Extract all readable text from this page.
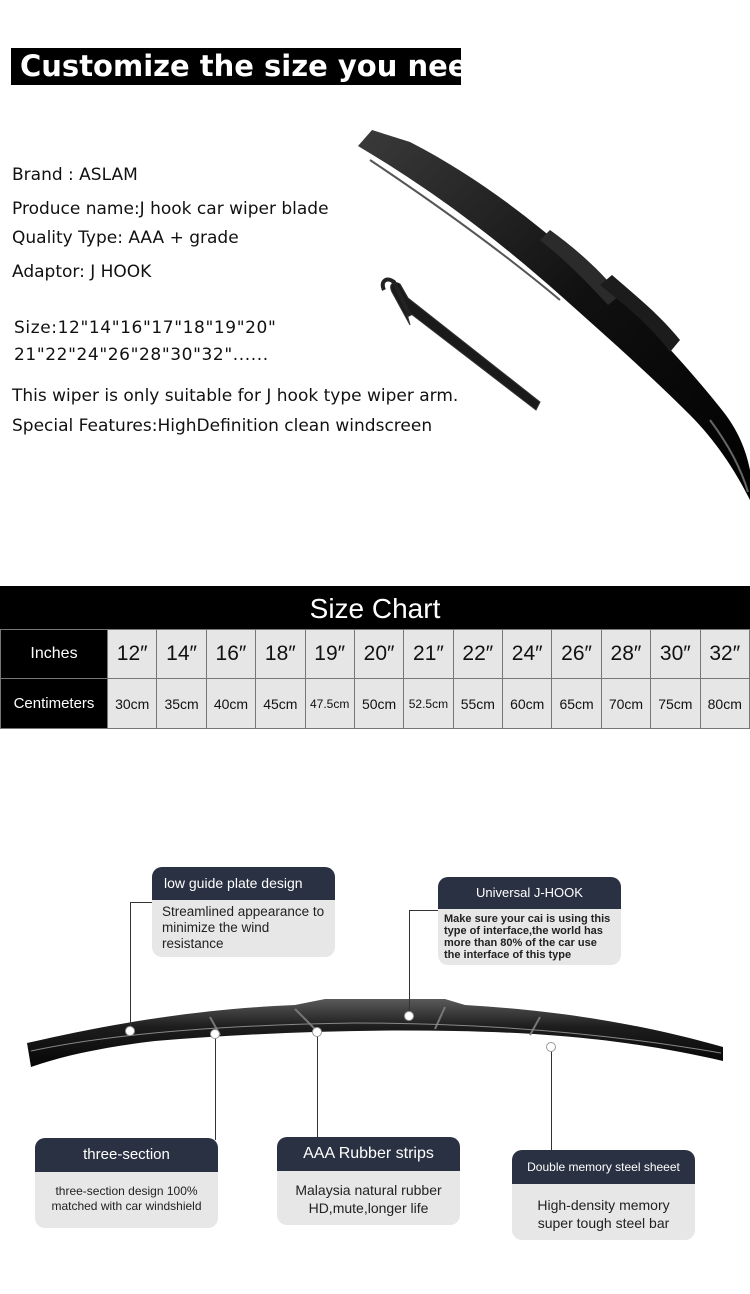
Customize the size you need
Brand : ASLAM
Produce name:J hook car wiper blade
Quality Type: AAA + grade
Adaptor: J HOOK
Size:12"14"16"17"18"19"20"
21"22"24"26"28"30"32"......
This wiper is only suitable for J hook type wiper arm.
Special Features:HighDefinition clean windscreen
Size Chart
Inches	12″	14″	16″	18″	19″	20″	21″	22″	24″	26″	28″	30″	32″
Centimeters	30cm	35cm	40cm	45cm	47.5cm	50cm	52.5cm	55cm	60cm	65cm	70cm	75cm	80cm
low guide plate design
Streamlined appearance to minimize the wind resistance
Universal J-HOOK
Make sure your cai is using this type of interface,the world has more than 80% of the car use the interface of this type
three-section
three-section design 100% matched with car windshield
AAA Rubber strips
Malaysia natural rubber HD,mute,longer life
Double memory steel sheeet
High-density memory super tough steel bar
